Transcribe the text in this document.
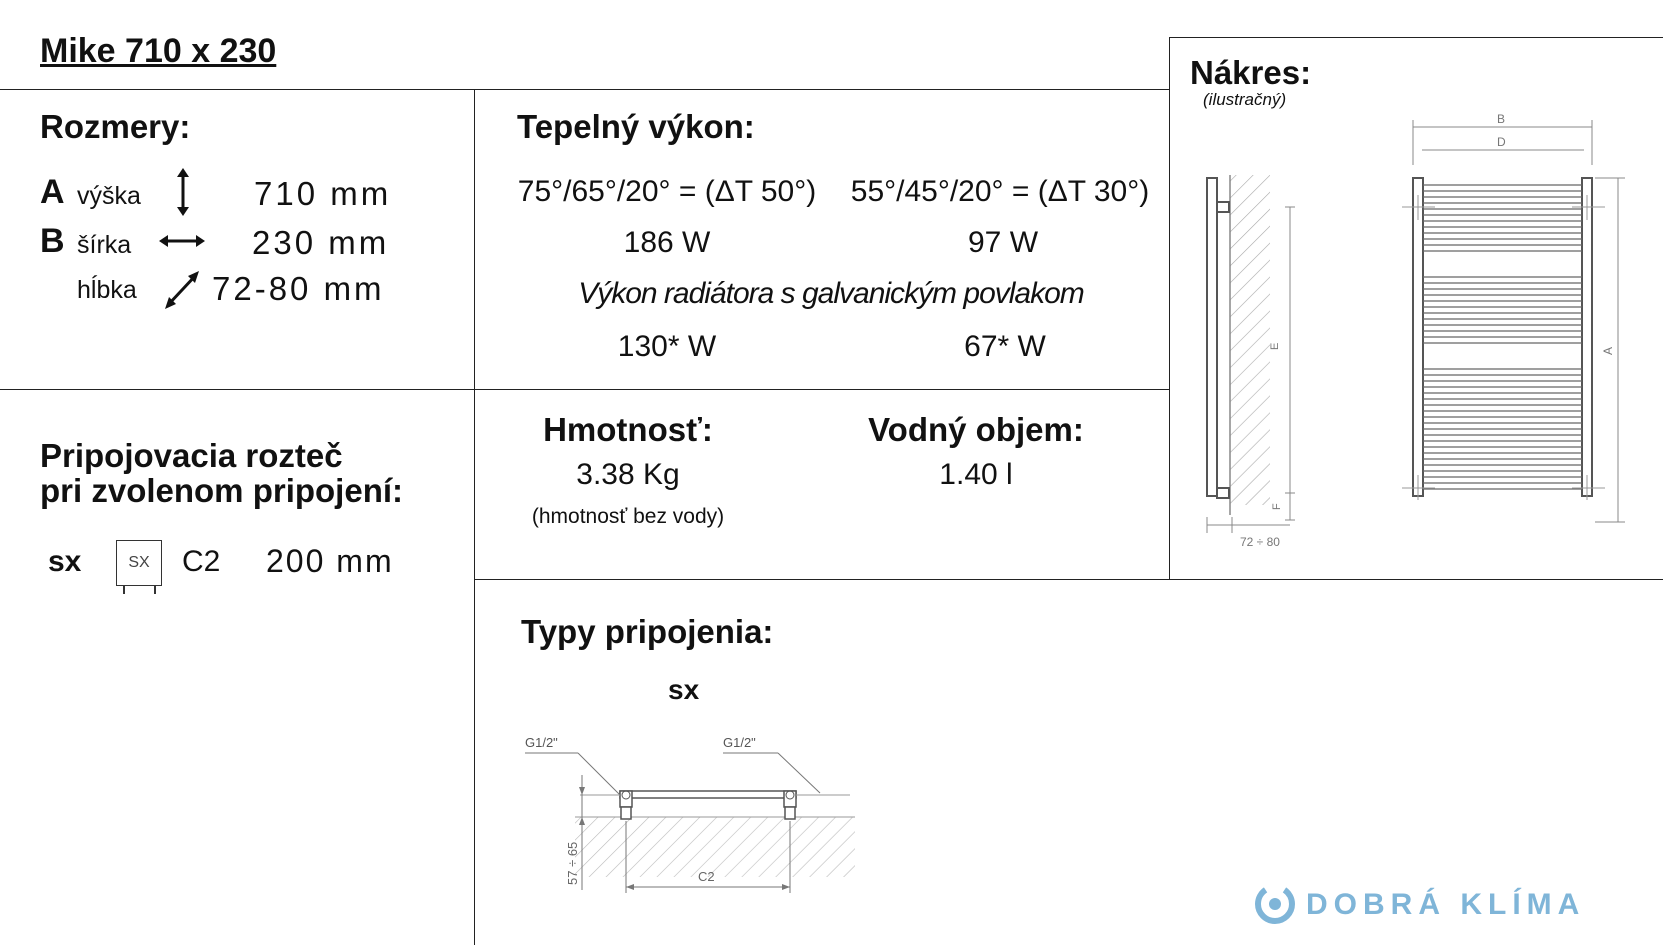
Mike 710 x 230
Rozmery:
A výška	710 mm
B šírka	230 mm
hĺbka 72-80 mm
Tepelný výkon:
75°/65°/20° = (ΔT 50°)	55°/45°/20° = (ΔT 30°)
186 W	97 W
Výkon radiátora s galvanickým povlakom
130* W	67* W
Nákres:
(ilustračný)
E
F
72 ÷ 80
B
D
A
Pripojovacia rozteč
pri zvolenom pripojení:
sx	SX	C2 200 mm
Hmotnosť:
3.38 Kg
(hmotnosť bez vody)
Vodný objem:
1.40 l
Typy pripojenia:
sx
G1/2"	G1/2"
57 ÷ 65	C2
DOBRÁ KLÍMA
